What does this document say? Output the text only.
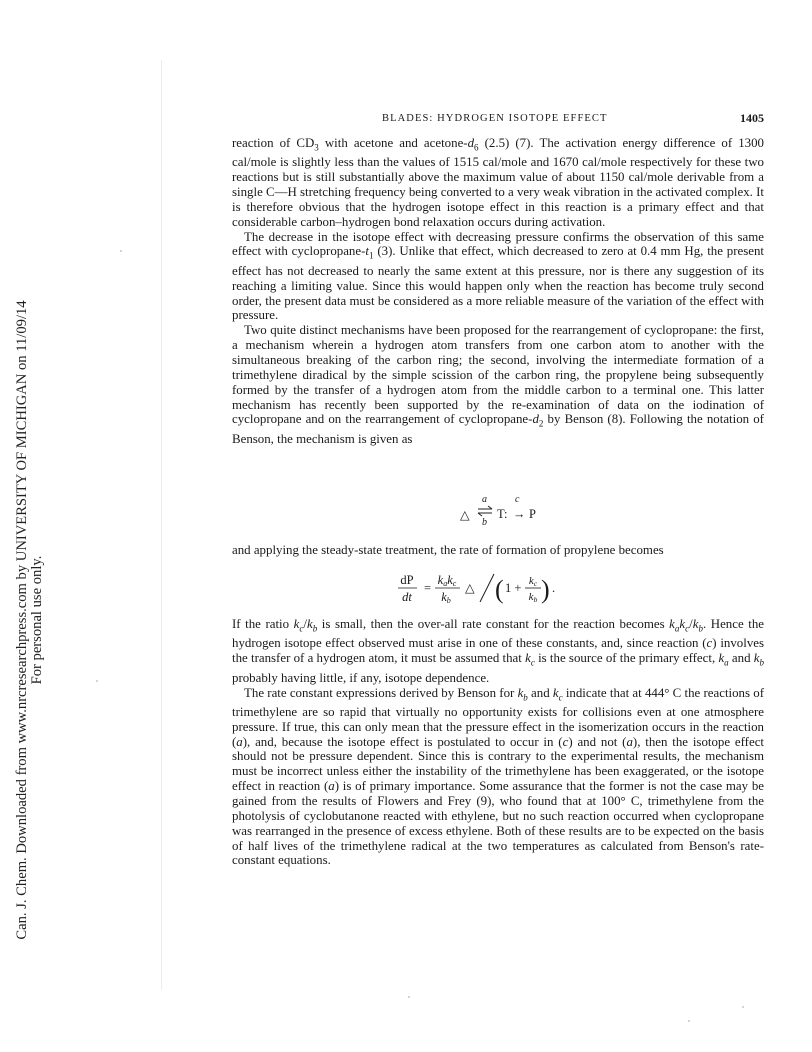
Can. J. Chem. Downloaded from www.nrcresearchpress.com by UNIVERSITY OF MICHIGAN on 11/09/14 For personal use only.
BLADES: HYDROGEN ISOTOPE EFFECT	1405

reaction of $CD_3$ with acetone and acetone-$d_6$ (2.5) (7). The activation energy difference of 1300 cal/mole is slightly less than the values of 1515 cal/mole and 1670 cal/mole respectively for these two reactions but is still substantially above the maximum value of about 1150 cal/mole derivable from a single C—H stretching frequency being converted to a very weak vibration in the activated complex. It is therefore obvious that the hydrogen isotope effect in this reaction is a primary effect and that considerable carbon–hydrogen bond relaxation occurs during activation.

The decrease in the isotope effect with decreasing pressure confirms the observation of this same effect with cyclopropane-$t_1$ (3). Unlike that effect, which decreased to zero at 0.4 mm Hg, the present effect has not decreased to nearly the same extent at this pressure, nor is there any suggestion of its reaching a limiting value. Since this would happen only when the reaction has become truly second order, the present data must be considered as a more reliable measure of the variation of the effect with pressure.

Two quite distinct mechanisms have been proposed for the rearrangement of cyclopropane: the first, a mechanism wherein a hydrogen atom transfers from one carbon atom to another with the simultaneous breaking of the carbon ring; the second, involving the intermediate formation of a trimethylene diradical by the simple scission of the carbon ring, the propylene being subsequently formed by the transfer of a hydrogen atom from the middle carbon to a terminal one. This latter mechanism has recently been supported by the re-examination of data on the iodination of cyclopropane and on the rearrangement of cyclopropane-$d_2$ by Benson (8). Following the notation of Benson, the mechanism is given as

△
a
b
T:
c
→ P
and applying the steady-state treatment, the rate of formation of propylene becomes
dP
dt
=
kakc
kb
△ ( 1 + kc
kb ) .

If the ratio $k_c/k_b$ is small, then the over-all rate constant for the reaction becomes $k_ak_c/k_b$. Hence the hydrogen isotope effect observed must arise in one of these constants, and, since reaction (c) involves the transfer of a hydrogen atom, it must be assumed that $k_c$ is the source of the primary effect, $k_a$ and $k_b$ probably having little, if any, isotope dependence.

The rate constant expressions derived by Benson for $k_b$ and $k_c$ indicate that at 444° C the reactions of trimethylene are so rapid that virtually no opportunity exists for collisions even at one atmosphere pressure. If true, this can only mean that the pressure effect in the isomerization occurs in the reaction (a), and, because the isotope effect is postulated to occur in (c) and not (a), then the isotope effect should not be pressure dependent. Since this is contrary to the experimental results, the mechanism must be incorrect unless either the instability of the trimethylene has been exaggerated, or the isotope effect in reaction (a) is of primary importance. Some assurance that the former is not the case may be gained from the results of Flowers and Frey (9), who found that at 100° C, trimethylene from the photolysis of cyclobutanone reacted with ethylene, but no such reaction occurred when cyclopropane was rearranged in the presence of excess ethylene. Both of these results are to be expected on the basis of half lives of the trimethylene radical at the two temperatures as calculated from Benson's rate-constant equations.
